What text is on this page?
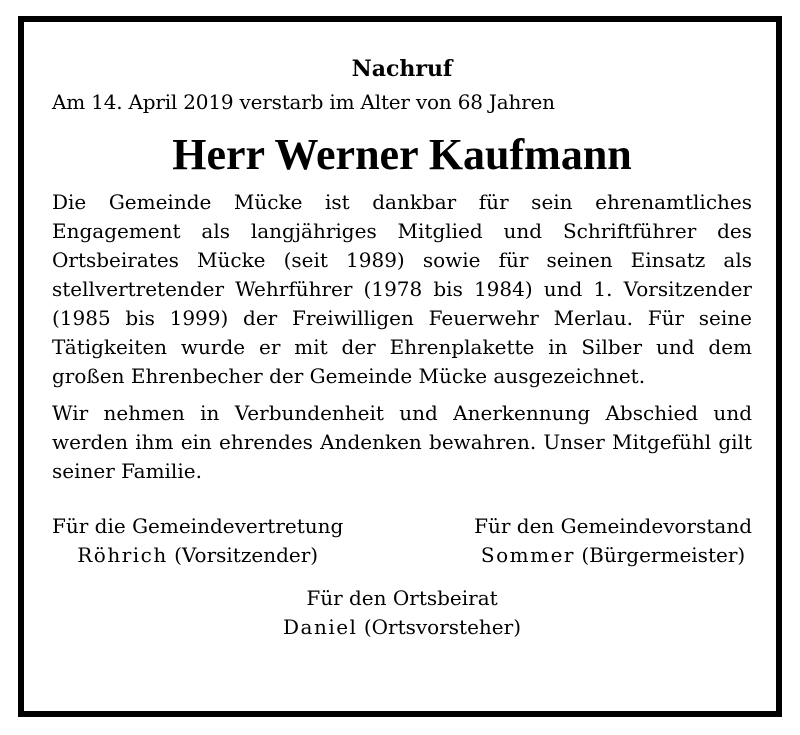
Nachruf

Am 14. April 2019 verstarb im Alter von 68 Jahren

Herr Werner Kaufmann

Die Gemeinde Mücke ist dankbar für sein ehrenamtliches Engagement als langjähriges Mitglied und Schriftführer des Ortsbeirates Mücke (seit 1989) sowie für seinen Einsatz als stellvertretender Wehrführer (1978 bis 1984) und 1. Vorsitzender (1985 bis 1999) der Freiwilligen Feuerwehr Merlau. Für seine Tätigkeiten wurde er mit der Ehrenplakette in Silber und dem großen Ehrenbecher der Gemeinde Mücke ausgezeichnet.

Wir nehmen in Verbundenheit und Anerkennung Abschied und werden ihm ein ehrendes Andenken bewahren. Unser Mitgefühl gilt seiner Familie.

Für die Gemeindevertretung
Röhrich (Vorsitzender)
Für den Gemeindevorstand
Sommer (Bürgermeister)
Für den Ortsbeirat
Daniel (Ortsvorsteher)
